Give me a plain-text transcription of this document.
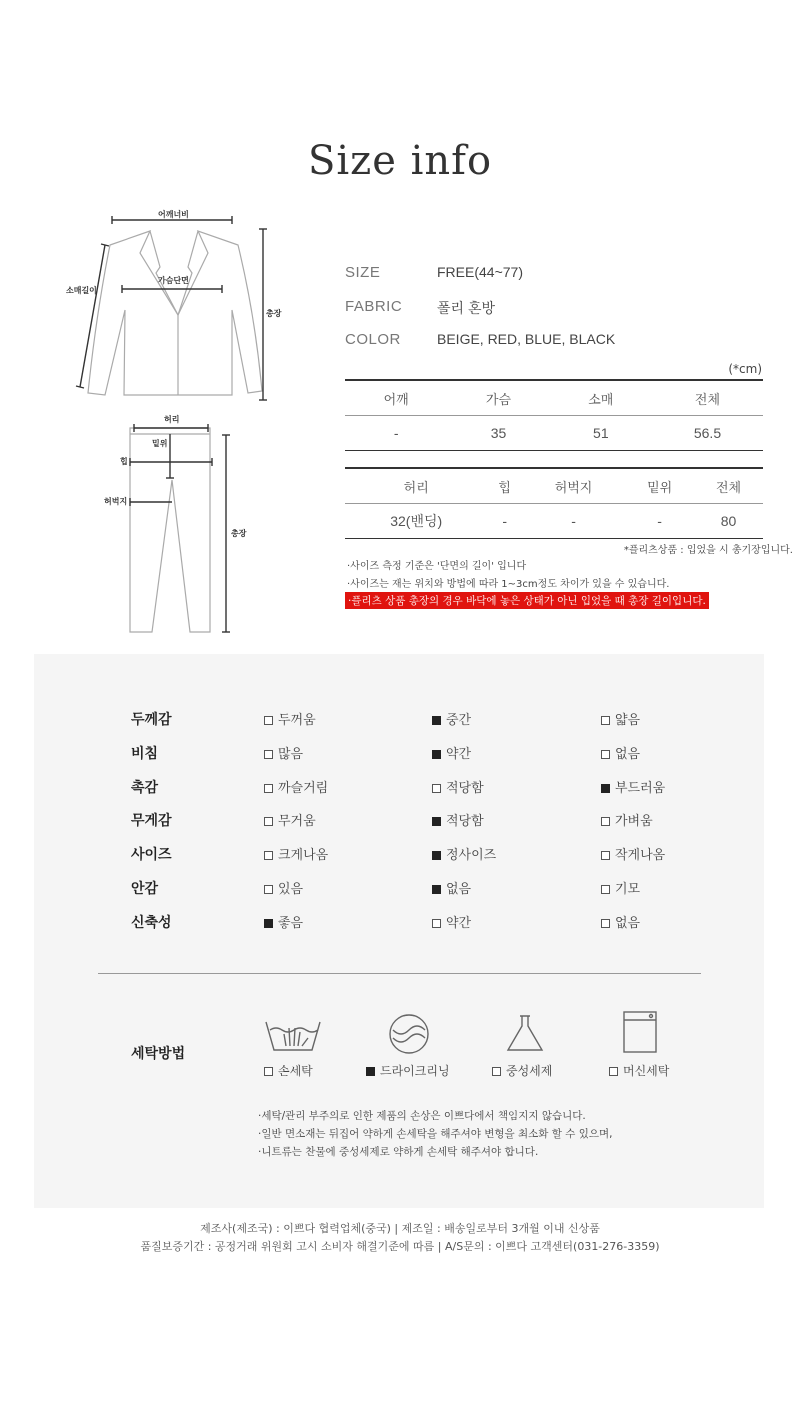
Size info
어깨너비
소매길이
가슴단면
총장
허리
밑위
힙
허벅지
총장
SIZE	FREE(44~77)
FABRIC 폴리 혼방
COLOR	BEIGE, RED, BLUE, BLACK
(*cm)
어깨	가슴	소매	전체
-	35	51	56.5
허리	힙	허벅지	밑위	전체
32(밴딩)	-	-	-	80
*플리츠상품 : 입었을 시 총기장입니다.
·사이즈 측정 기준은 '단면의 길이' 입니다
·사이즈는 재는 위치와 방법에 따라 1~3cm정도 차이가 있을 수 있습니다.
·플리츠 상품 총장의 경우 바닥에 놓은 상태가 아닌 입었을 때 총장 길이입니다.
두께감	두꺼움	중간	얇음
비침	많음	약간	없음
촉감	까슬거림	적당함	부드러움
무게감	무거움	적당함	가벼움
사이즈	크게나옴	정사이즈	작게나옴
안감	있음	없음	기모
신축성	좋음	약간	없음
세탁방법
손세탁	드라이크리닝	중성세제	머신세탁
·세탁/관리 부주의로 인한 제품의 손상은 이쁘다에서 책임지지 않습니다.
·일반 면소재는 뒤집어 약하게 손세탁을 해주셔야 변형을 최소화 할 수 있으며,
·니트류는 찬물에 중성세제로 약하게 손세탁 해주셔야 합니다.
제조사(제조국) : 이쁘다 협력업체(중국) | 제조일 : 배송일로부터 3개월 이내 신상품
품질보증기간 : 공정거래 위원회 고시 소비자 해결기준에 따름 | A/S문의 : 이쁘다 고객센터(031-276-3359)
